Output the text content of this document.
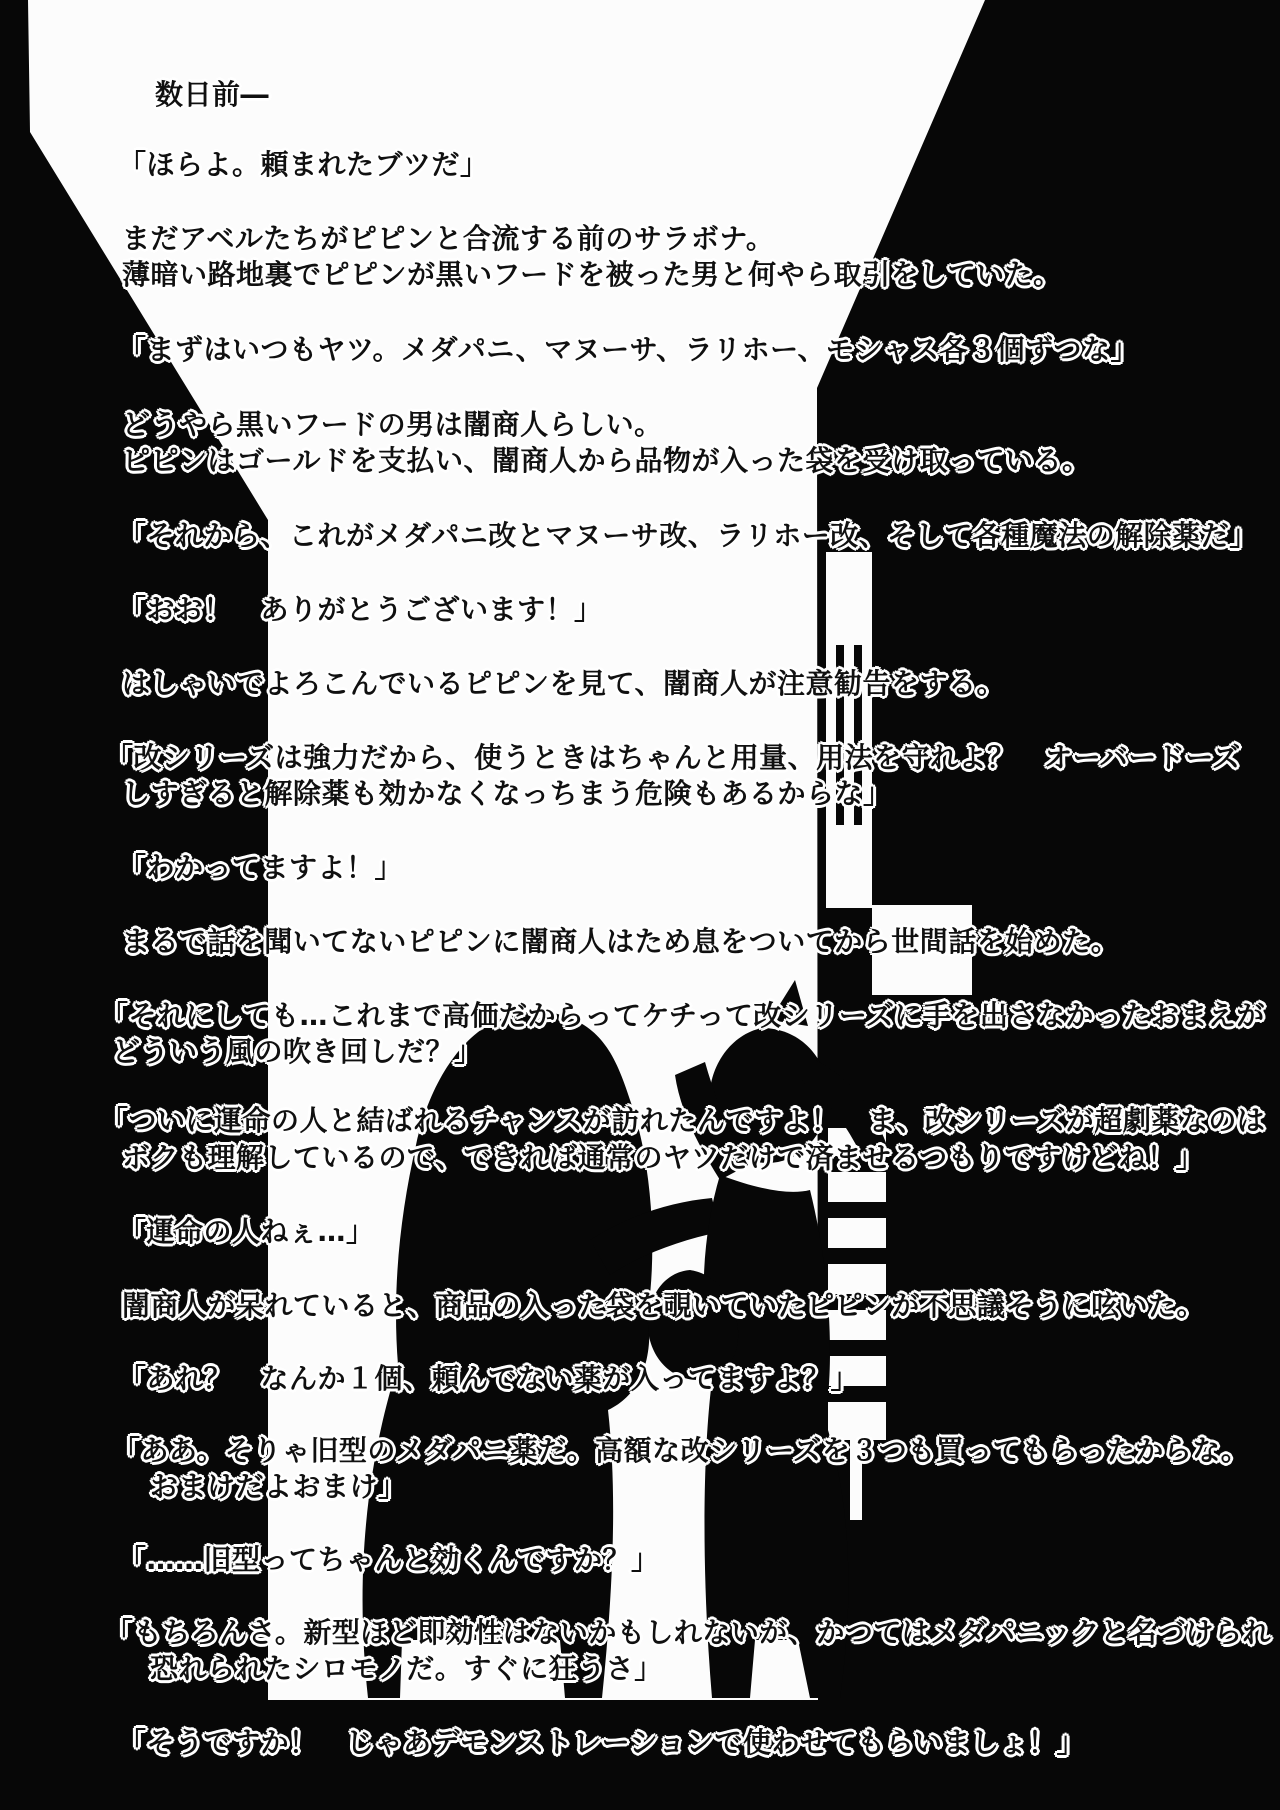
数日前―
「ほらよ。頼まれたブツだ」
まだアベルたちがピピンと合流する前のサラボナ。
薄暗い路地裏でピピンが黒いフードを被った男と何やら取引をしていた。
「まずはいつもヤツ。メダパニ、マヌーサ、ラリホー、モシャス各３個ずつな」
どうやら黒いフードの男は闇商人らしい。
ピピンはゴールドを支払い、闇商人から品物が入った袋を受け取っている。
「それから、これがメダパニ改とマヌーサ改、ラリホー改、そして各種魔法の解除薬だ」
「おお！　ありがとうございます！」
はしゃいでよろこんでいるピピンを見て、闇商人が注意勧告をする。
「改シリーズは強力だから、使うときはちゃんと用量、用法を守れよ？　オーバードーズ
しすぎると解除薬も効かなくなっちまう危険もあるからな」
「わかってますよ！」
まるで話を聞いてないピピンに闇商人はため息をついてから世間話を始めた。
「それにしても…これまで高価だからってケチって改シリーズに手を出さなかったおまえが
どういう風の吹き回しだ？」
「ついに運命の人と結ばれるチャンスが訪れたんですよ！　ま、改シリーズが超劇薬なのは
ボクも理解しているので、できれば通常のヤツだけで済ませるつもりですけどね！」
「運命の人ねぇ…」
闇商人が呆れていると、商品の入った袋を覗いていたピピンが不思議そうに呟いた。
「あれ？　なんか１個、頼んでない薬が入ってますよ？」
「ああ。そりゃ旧型のメダパニ薬だ。高額な改シリーズを３つも買ってもらったからな。
おまけだよおまけ」
「……旧型ってちゃんと効くんですか？」
「もちろんさ。新型ほど即効性はないかもしれないが、かつてはメダパニックと名づけられ
恐れられたシロモノだ。すぐに狂うさ」
「そうですか！　じゃあデモンストレーションで使わせてもらいましょ！」
